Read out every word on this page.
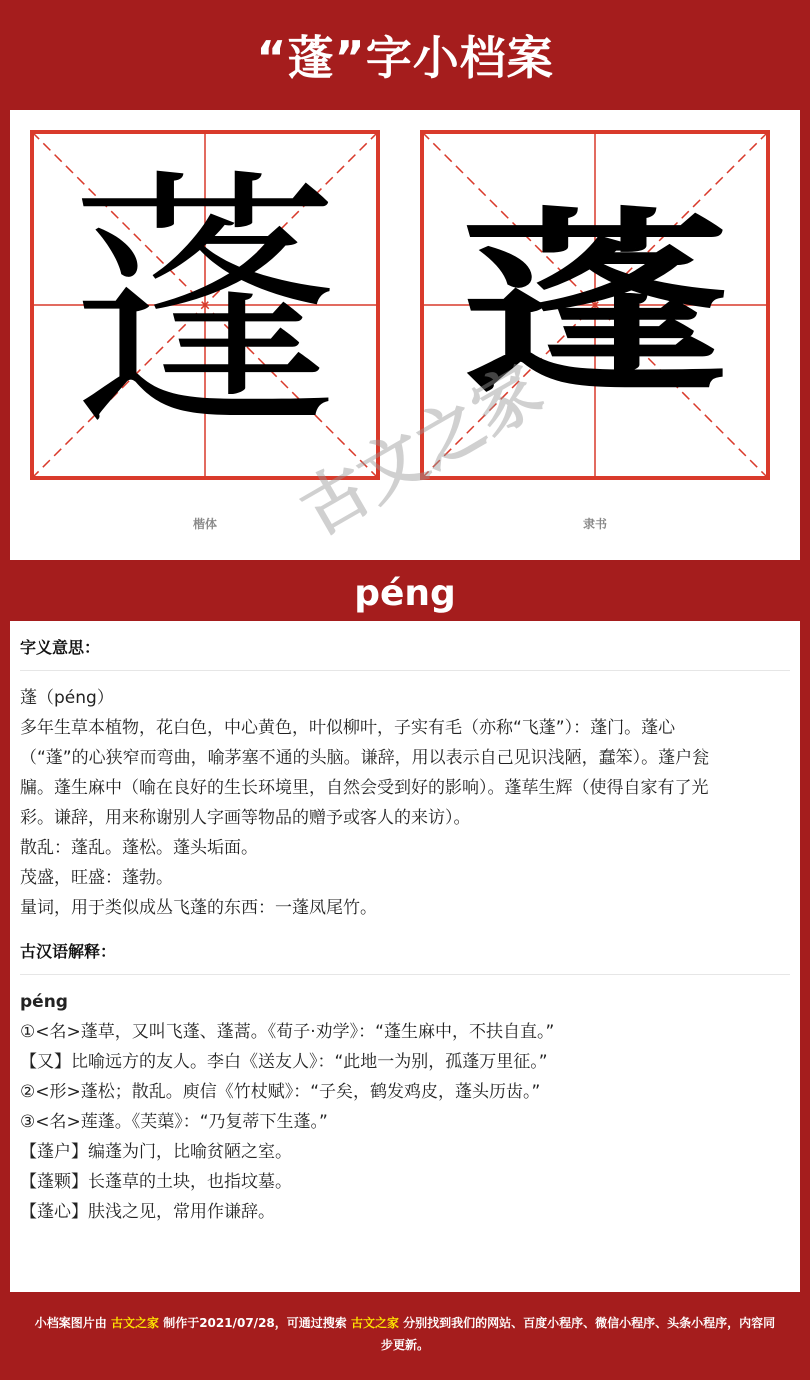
“蓬”字小档案
蓬
楷体
蓬
隶书
古文之家
péng
字义意思：
蓬（péng）
多年生草本植物，花白色，中心黄色，叶似柳叶，子实有毛（亦称“飞蓬”）：蓬门。蓬心
（“蓬”的心狭窄而弯曲，喻茅塞不通的头脑。谦辞，用以表示自己见识浅陋，蠢笨）。蓬户瓮
牖。蓬生麻中（喻在良好的生长环境里，自然会受到好的影响）。蓬荜生辉（使得自家有了光
彩。谦辞，用来称谢别人字画等物品的赠予或客人的来访）。
散乱：蓬乱。蓬松。蓬头垢面。
茂盛，旺盛：蓬勃。
量词，用于类似成丛飞蓬的东西：一蓬凤尾竹。
古汉语解释：
péng
①<名>蓬草，又叫飞蓬、蓬蒿。《荀子·劝学》：“蓬生麻中，不扶自直。”
【又】比喻远方的友人。李白《送友人》：“此地一为别，孤蓬万里征。”
②<形>蓬松；散乱。庾信《竹杖赋》：“子矣，鹤发鸡皮，蓬头历齿。”
③<名>莲蓬。《芙蕖》：“乃复蒂下生蓬。”
【蓬户】编蓬为门，比喻贫陋之室。
【蓬颗】长蓬草的土块，也指坟墓。
【蓬心】肤浅之见，常用作谦辞。
小档案图片由 古文之家 制作于2021/07/28，可通过搜索 古文之家 分别找到我们的网站、百度小程序、微信小程序、头条小程序，内容同步更新。
